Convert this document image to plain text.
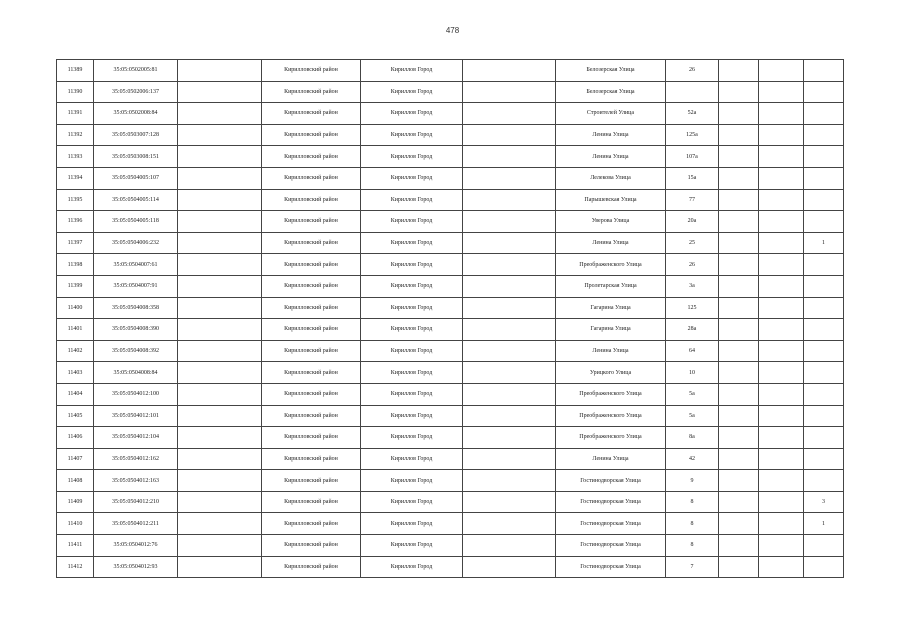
478
11389	35:05:0502005:81		Кирилловский район	Кириллов Город		Белозерская Улица	26			
11390	35:05:0502006:137		Кирилловский район	Кириллов Город		Белозерская Улица				
11391	35:05:0502008:84		Кирилловский район	Кириллов Город		Строителей Улица	52а			
11392	35:05:0503007:128		Кирилловский район	Кириллов Город		Ленина Улица	125а			
11393	35:05:0503008:151		Кирилловский район	Кириллов Город		Ленина Улица	107а			
11394	35:05:0504005:107		Кирилловский район	Кириллов Город		Лелекова Улица	15а			
11395	35:05:0504005:114		Кирилловский район	Кириллов Город		Парышевская Улица	77			
11396	35:05:0504005:118		Кирилловский район	Кириллов Город		Уверова Улица	20а			
11397	35:05:0504006:232		Кирилловский район	Кириллов Город		Ленина Улица	25			1
11398	35:05:0504007:61		Кирилловский район	Кириллов Город		Преображенского Улица	26			
11399	35:05:0504007:91		Кирилловский район	Кириллов Город		Пролетарская Улица	3а			
11400	35:05:0504008:358		Кирилловский район	Кириллов Город		Гагарина Улица	125			
11401	35:05:0504008:390		Кирилловский район	Кириллов Город		Гагарина Улица	28а			
11402	35:05:0504008:392		Кирилловский район	Кириллов Город		Ленина Улица	64			
11403	35:05:0504008:84		Кирилловский район	Кириллов Город		Урицкого Улица	10			
11404	35:05:0504012:100		Кирилловский район	Кириллов Город		Преображенского Улица	5а			
11405	35:05:0504012:101		Кирилловский район	Кириллов Город		Преображенского Улица	5а			
11406	35:05:0504012:104		Кирилловский район	Кириллов Город		Преображенского Улица	8а			
11407	35:05:0504012:162		Кирилловский район	Кириллов Город		Ленина Улица	42			
11408	35:05:0504012:163		Кирилловский район	Кириллов Город		Гостинодворская Улица	9			
11409	35:05:0504012:210		Кирилловский район	Кириллов Город		Гостинодворская Улица	8			3
11410	35:05:0504012:211		Кирилловский район	Кириллов Город		Гостинодворская Улица	8			1
11411	35:05:0504012:76		Кирилловский район	Кириллов Город		Гостинодворская Улица	8			
11412	35:05:0504012:93		Кирилловский район	Кириллов Город		Гостинодворская Улица	7			
